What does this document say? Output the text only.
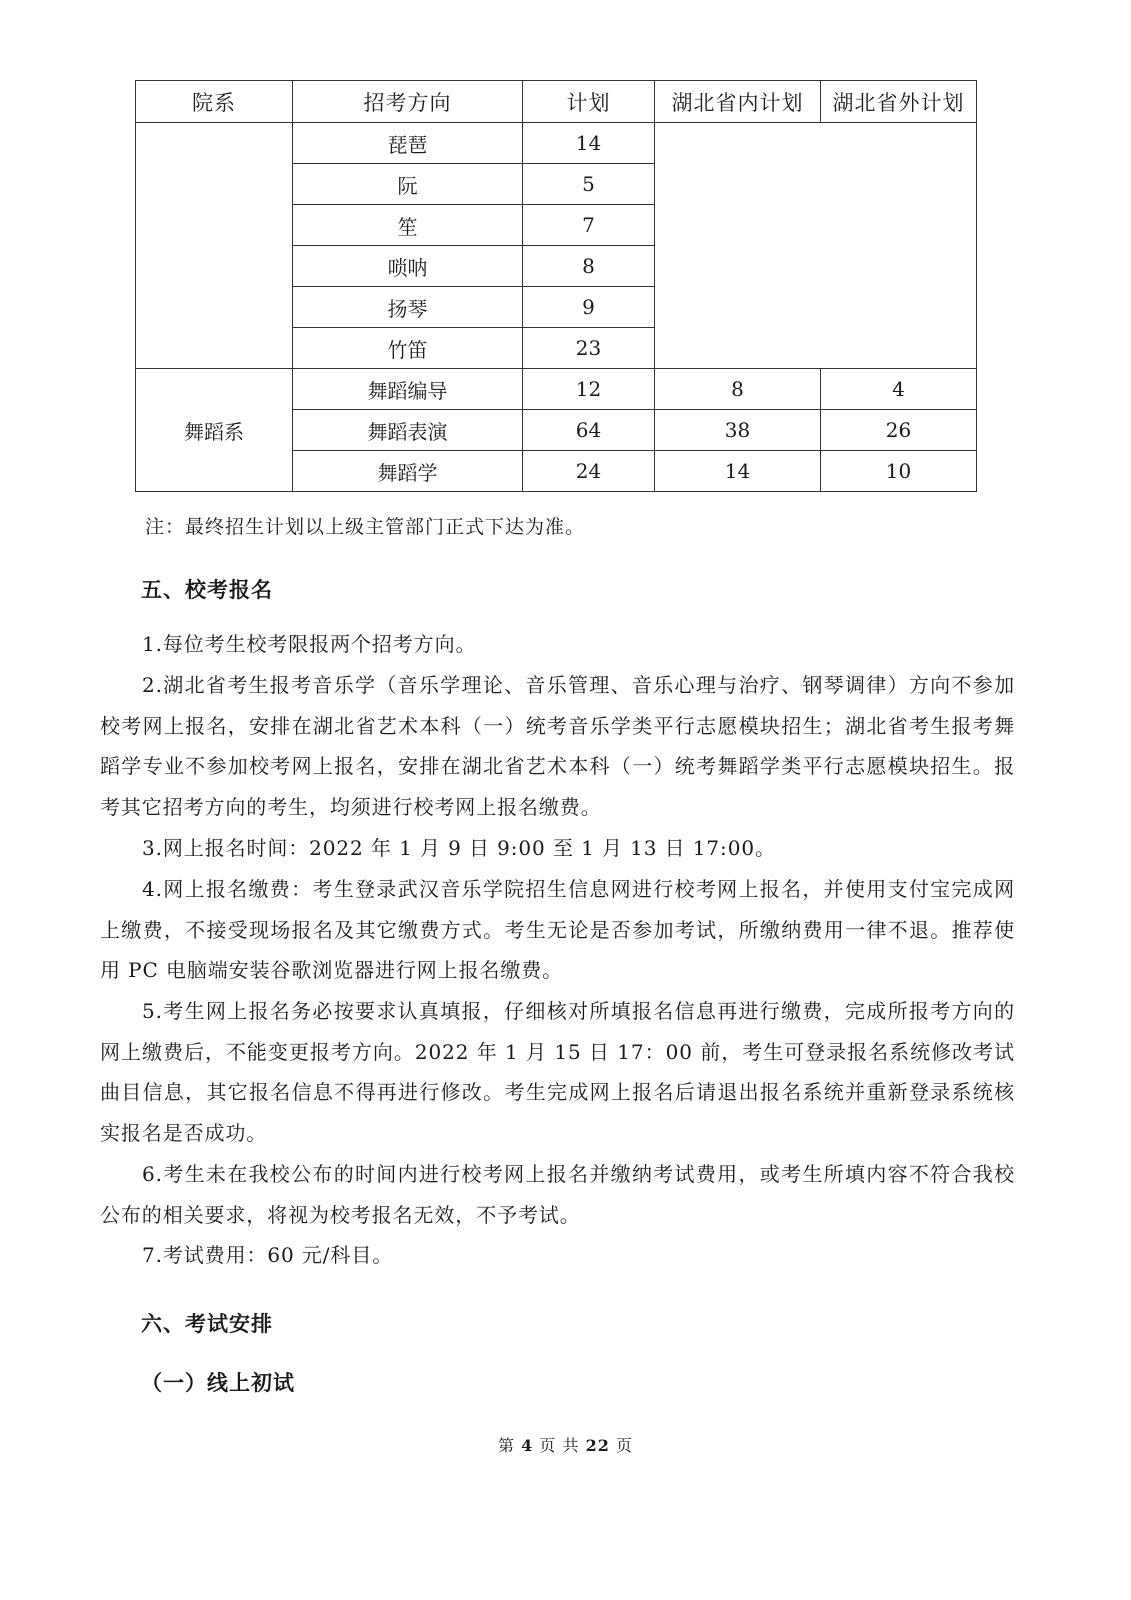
院系	招考方向	计划	湖北省内计划	湖北省外计划
	琵琶	14		
	阮	5		
	笙	7		
	唢呐	8		
	扬琴	9		
	竹笛	23		
舞蹈系	舞蹈编导	12	8	4
	舞蹈表演	64	38	26
	舞蹈学	24	14	10
注：最终招生计划以上级主管部门正式下达为准。
五、校考报名
1.每位考生校考限报两个招考方向。
2.湖北省考生报考音乐学（音乐学理论、音乐管理、音乐心理与治疗、钢琴调律）方向不参加校考网上报名，安排在湖北省艺术本科（一）统考音乐学类平行志愿模块招生；湖北省考生报考舞蹈学专业不参加校考网上报名，安排在湖北省艺术本科（一）统考舞蹈学类平行志愿模块招生。报考其它招考方向的考生，均须进行校考网上报名缴费。
3.网上报名时间：2022 年 1 月 9 日 9:00 至 1 月 13 日 17:00。
4.网上报名缴费：考生登录武汉音乐学院招生信息网进行校考网上报名，并使用支付宝完成网上缴费，不接受现场报名及其它缴费方式。考生无论是否参加考试，所缴纳费用一律不退。推荐使用 PC 电脑端安装谷歌浏览器进行网上报名缴费。
5.考生网上报名务必按要求认真填报，仔细核对所填报名信息再进行缴费，完成所报考方向的网上缴费后，不能变更报考方向。2022 年 1 月 15 日 17：00 前，考生可登录报名系统修改考试曲目信息，其它报名信息不得再进行修改。考生完成网上报名后请退出报名系统并重新登录系统核实报名是否成功。
6.考生未在我校公布的时间内进行校考网上报名并缴纳考试费用，或考生所填内容不符合我校公布的相关要求，将视为校考报名无效，不予考试。
7.考试费用：60 元/科目。
六、考试安排
（一）线上初试
第 4 页 共 22 页
